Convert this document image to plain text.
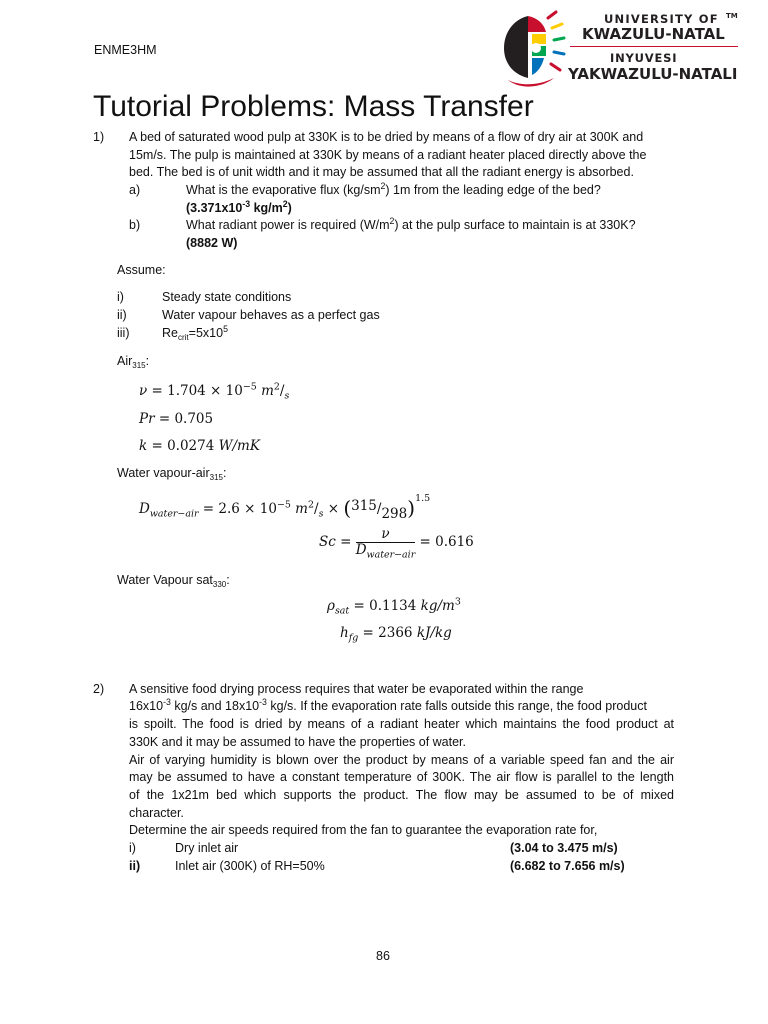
ENME3HM
UNIVERSITY OF TM
KWAZULU-NATAL
INYUVESI
YAKWAZULU-NATALI
Tutorial Problems: Mass Transfer
1) A bed of saturated wood pulp at 330K is to be dried by means of a flow of dry air at 300K and
15m/s. The pulp is maintained at 330K by means of a radiant heater placed directly above the
bed. The bed is of unit width and it may be assumed that all the radiant energy is absorbed.
a)	What is the evaporative flux $(kg/sm^2)$ 1m from the leading edge of the bed?
($3.371x10^{-3}$ $kg/m^2$)
b)	What radiant power is required $(W/m^2)$ at the pulp surface to maintain is at 330K?
(8882 W)
Assume:
i)	Steady state conditions
ii)	Water vapour behaves as a perfect gas
iii)	$Re_{crit}=5x10^5$
Air$_{315}$:
$\nu = 1.704 \times 10^{-5}$ $m^2/_s$
Pr = 0.705
k = 0.0274 W/mK
Water vapour-air$_{315}$:
$D_{water-air} = 2.6 \times 10^{-5}$ $m^2/_s \times (315/298)^{1.5}$
$Sc = \frac{\nu}{D_{water-air}} = 0.616$
Water Vapour sat$_{330}$:
$\rho_{sat} = 0.1134$ $kg/m^3$
$h_{fg} = 2366$ kJ/kg
2) A sensitive food drying process requires that water be evaporated within the range
$16x10^{-3}$ kg/s and $18x10^{-3}$ kg/s. If the evaporation rate falls outside this range, the food product
is spoilt. The food is dried by means of a radiant heater which maintains the food product at
330K and it may be assumed to have the properties of water.
Air of varying humidity is blown over the product by means of a variable speed fan and the air
may be assumed to have a constant temperature of 300K. The air flow is parallel to the length
of the 1x21m bed which supports the product. The flow may be assumed to be of mixed
character.
Determine the air speeds required from the fan to guarantee the evaporation rate for,
i)	Dry inlet air	(3.04 to 3.475 m/s)
ii)	Inlet air (300K) of RH=50%	(6.682 to 7.656 m/s)
86
